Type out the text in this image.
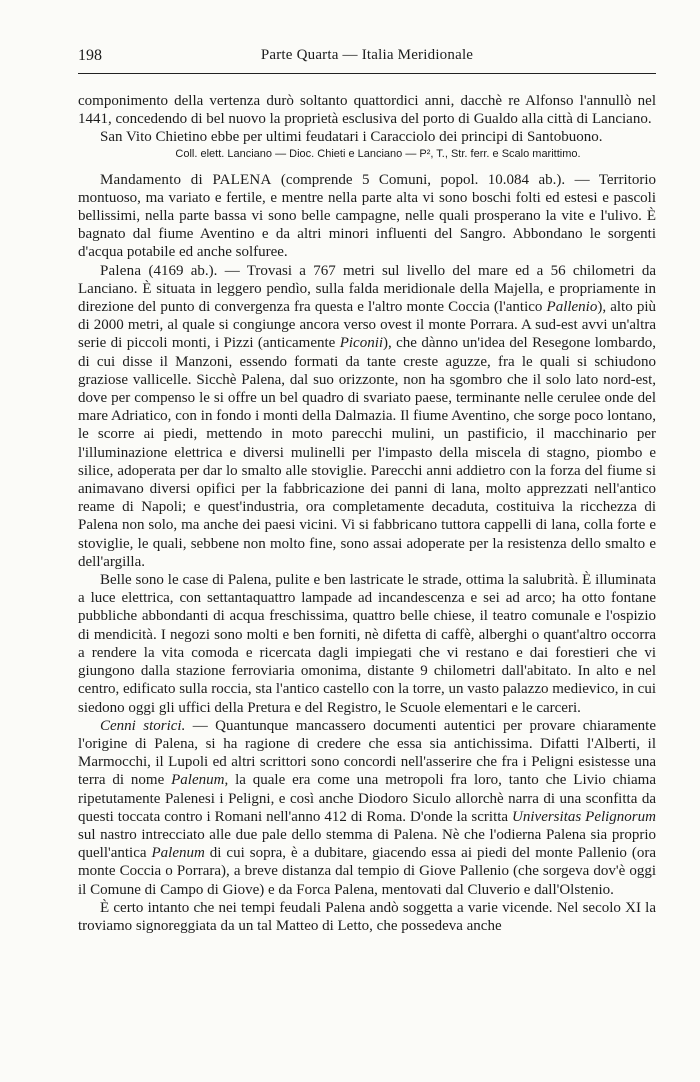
198	Parte Quarta — Italia Meridionale

componimento della vertenza durò soltanto quattordici anni, dacchè re Alfonso l'annullò nel 1441, concedendo di bel nuovo la proprietà esclusiva del porto di Gualdo alla città di Lanciano.

San Vito Chietino ebbe per ultimi feudatari i Caracciolo dei principi di Santobuono.

Coll. elett. Lanciano — Dioc. Chieti e Lanciano — P², T., Str. ferr. e Scalo marittimo.

Mandamento di PALENA (comprende 5 Comuni, popol. 10.084 ab.). — Territorio montuoso, ma variato e fertile, e mentre nella parte alta vi sono boschi folti ed estesi e pascoli bellissimi, nella parte bassa vi sono belle campagne, nelle quali prosperano la vite e l'ulivo. È bagnato dal fiume Aventino e da altri minori influenti del Sangro. Abbondano le sorgenti d'acqua potabile ed anche solfuree.

Palena (4169 ab.). — Trovasi a 767 metri sul livello del mare ed a 56 chilometri da Lanciano. È situata in leggero pendìo, sulla falda meridionale della Majella, e propriamente in direzione del punto di convergenza fra questa e l'altro monte Coccia (l'antico Pallenio), alto più di 2000 metri, al quale si congiunge ancora verso ovest il monte Porrara. A sud-est avvi un'altra serie di piccoli monti, i Pizzi (anticamente Piconii), che dànno un'idea del Resegone lombardo, di cui disse il Manzoni, essendo formati da tante creste aguzze, fra le quali si schiudono graziose vallicelle. Sicchè Palena, dal suo orizzonte, non ha sgombro che il solo lato nord-est, dove per compenso le si offre un bel quadro di svariato paese, terminante nelle cerulee onde del mare Adriatico, con in fondo i monti della Dalmazia. Il fiume Aventino, che sorge poco lontano, le scorre ai piedi, mettendo in moto parecchi mulini, un pastificio, il macchinario per l'illuminazione elettrica e diversi mulinelli per l'impasto della miscela di stagno, piombo e silice, adoperata per dar lo smalto alle stoviglie. Parecchi anni addietro con la forza del fiume si animavano diversi opifici per la fabbricazione dei panni di lana, molto apprezzati nell'antico reame di Napoli; e quest'industria, ora completamente decaduta, costituiva la ricchezza di Palena non solo, ma anche dei paesi vicini. Vi si fabbricano tuttora cappelli di lana, colla forte e stoviglie, le quali, sebbene non molto fine, sono assai adoperate per la resistenza dello smalto e dell'argilla.

Belle sono le case di Palena, pulite e ben lastricate le strade, ottima la salubrità. È illuminata a luce elettrica, con settantaquattro lampade ad incandescenza e sei ad arco; ha otto fontane pubbliche abbondanti di acqua freschissima, quattro belle chiese, il teatro comunale e l'ospizio di mendicità. I negozi sono molti e ben forniti, nè difetta di caffè, alberghi o quant'altro occorra a rendere la vita comoda e ricercata dagli impiegati che vi restano e dai forestieri che vi giungono dalla stazione ferroviaria omonima, distante 9 chilometri dall'abitato. In alto e nel centro, edificato sulla roccia, sta l'antico castello con la torre, un vasto palazzo medievico, in cui siedono oggi gli uffici della Pretura e del Registro, le Scuole elementari e le carceri.

Cenni storici. — Quantunque mancassero documenti autentici per provare chiaramente l'origine di Palena, si ha ragione di credere che essa sia antichissima. Difatti l'Alberti, il Marmocchi, il Lupoli ed altri scrittori sono concordi nell'asserire che fra i Peligni esistesse una terra di nome Palenum, la quale era come una metropoli fra loro, tanto che Livio chiama ripetutamente Palenesi i Peligni, e così anche Diodoro Siculo allorchè narra di una sconfitta da questi toccata contro i Romani nell'anno 412 di Roma. D'onde la scritta Universitas Pelignorum sul nastro intrecciato alle due pale dello stemma di Palena. Nè che l'odierna Palena sia proprio quell'antica Palenum di cui sopra, è a dubitare, giacendo essa ai piedi del monte Pallenio (ora monte Coccia o Porrara), a breve distanza dal tempio di Giove Pallenio (che sorgeva dov'è oggi il Comune di Campo di Giove) e da Forca Palena, mentovati dal Cluverio e dall'Olstenio.

È certo intanto che nei tempi feudali Palena andò soggetta a varie vicende. Nel secolo XI la troviamo signoreggiata da un tal Matteo di Letto, che possedeva anche
